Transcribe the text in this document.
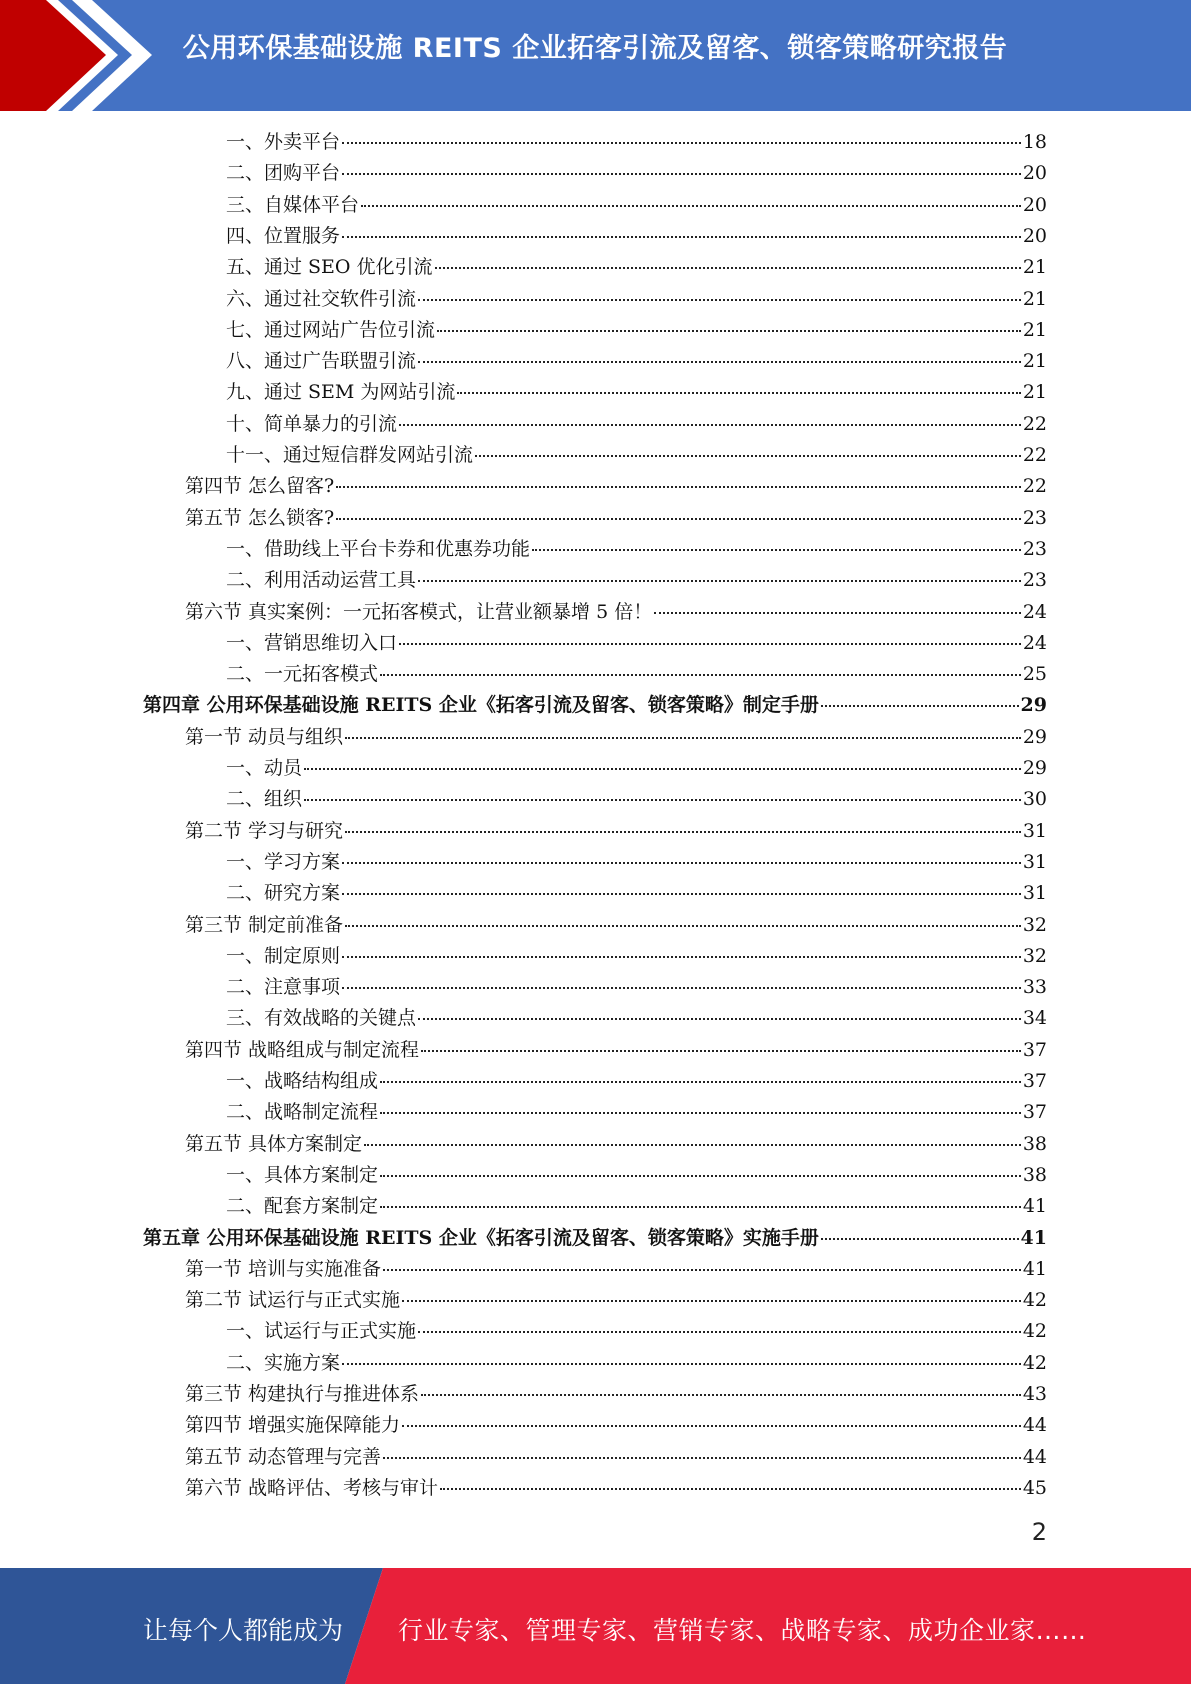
公用环保基础设施 REITS 企业拓客引流及留客、锁客策略研究报告
一、外卖平台	18
二、团购平台	20
三、自媒体平台	20
四、位置服务	20
五、通过 SEO 优化引流	21
六、通过社交软件引流	21
七、通过网站广告位引流	21
八、通过广告联盟引流	21
九、通过 SEM 为网站引流	21
十、简单暴力的引流	22
十一、通过短信群发网站引流	22
第四节 怎么留客?	22
第五节 怎么锁客?	23
一、借助线上平台卡券和优惠券功能	23
二、利用活动运营工具	23
第六节 真实案例：一元拓客模式，让营业额暴增 5 倍！	24
一、营销思维切入口	24
二、一元拓客模式	25
第四章 公用环保基础设施 REITS 企业《拓客引流及留客、锁客策略》制定手册	29
第一节 动员与组织	29
一、动员	29
二、组织	30
第二节 学习与研究	31
一、学习方案	31
二、研究方案	31
第三节 制定前准备	32
一、制定原则	32
二、注意事项	33
三、有效战略的关键点	34
第四节 战略组成与制定流程	37
一、战略结构组成	37
二、战略制定流程	37
第五节 具体方案制定	38
一、具体方案制定	38
二、配套方案制定	41
第五章 公用环保基础设施 REITS 企业《拓客引流及留客、锁客策略》实施手册	41
第一节 培训与实施准备	41
第二节 试运行与正式实施	42
一、试运行与正式实施	42
二、实施方案	42
第三节 构建执行与推进体系	43
第四节 增强实施保障能力	44
第五节 动态管理与完善	44
第六节 战略评估、考核与审计	45
2
让每个人都能成为 行业专家、管理专家、营销专家、战略专家、成功企业家……
